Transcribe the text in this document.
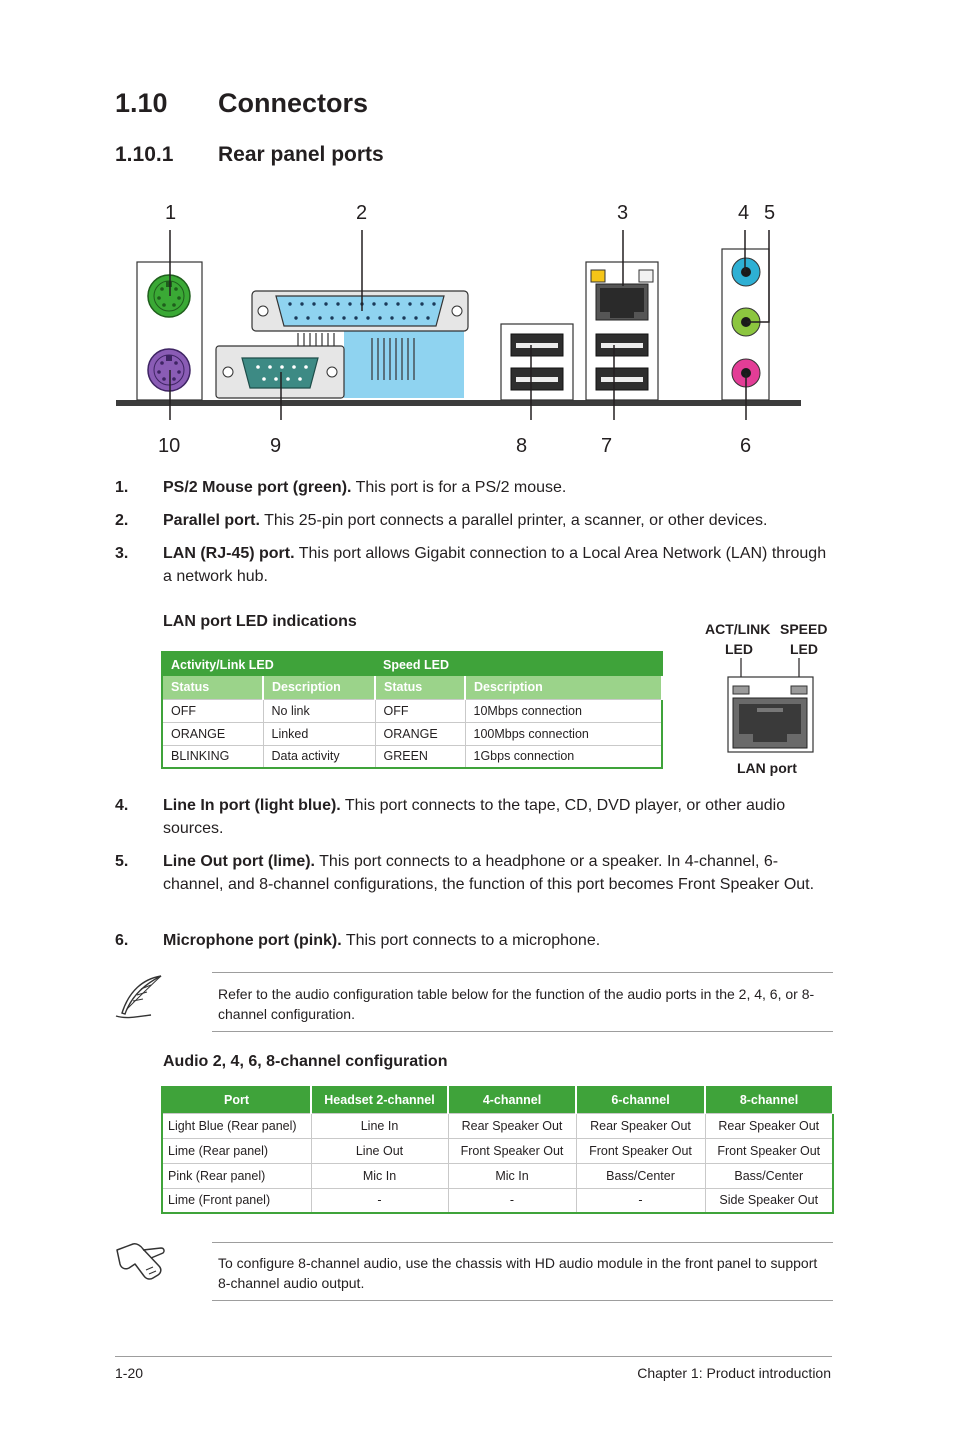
1.10 Connectors
1.10.1 Rear panel ports
1	2	3	4 5
10	9	8	7	6
1. PS/2 Mouse port (green). This port is for a PS/2 mouse.
2. Parallel port. This 25-pin port connects a parallel printer, a scanner, or other devices.
3. LAN (RJ-45) port. This port allows Gigabit connection to a Local Area Network (LAN) through a network hub.
LAN port LED indications
Activity/Link LED		Speed LED	
Status	Description	Status	Description
OFF	No link	OFF	10Mbps connection
ORANGE	Linked	ORANGE	100Mbps connection
BLINKING	Data activity	GREEN	1Gbps connection
ACT/LINK SPEED
LED	LED
LAN port
4. Line In port (light blue). This port connects to the tape, CD, DVD player, or other audio sources.
5. Line Out port (lime). This port connects to a headphone or a speaker. In 4-channel, 6-channel, and 8-channel configurations, the function of this port becomes Front Speaker Out.
6. Microphone port (pink). This port connects to a microphone.
Refer to the audio configuration table below for the function of the audio ports in the 2, 4, 6, or 8-channel configuration.
Audio 2, 4, 6, 8-channel configuration
Port	Headset 2-channel	4-channel	6-channel	8-channel
Light Blue (Rear panel)	Line In	Rear Speaker Out	Rear Speaker Out	Rear Speaker Out
Lime (Rear panel)	Line Out	Front Speaker Out	Front Speaker Out	Front Speaker Out
Pink (Rear panel)	Mic In	Mic In	Bass/Center	Bass/Center
Lime (Front panel)	-	-	-	Side Speaker Out
To configure 8-channel audio, use the chassis with HD audio module in the front panel to support 8-channel audio output.
1-20	Chapter 1: Product introduction
